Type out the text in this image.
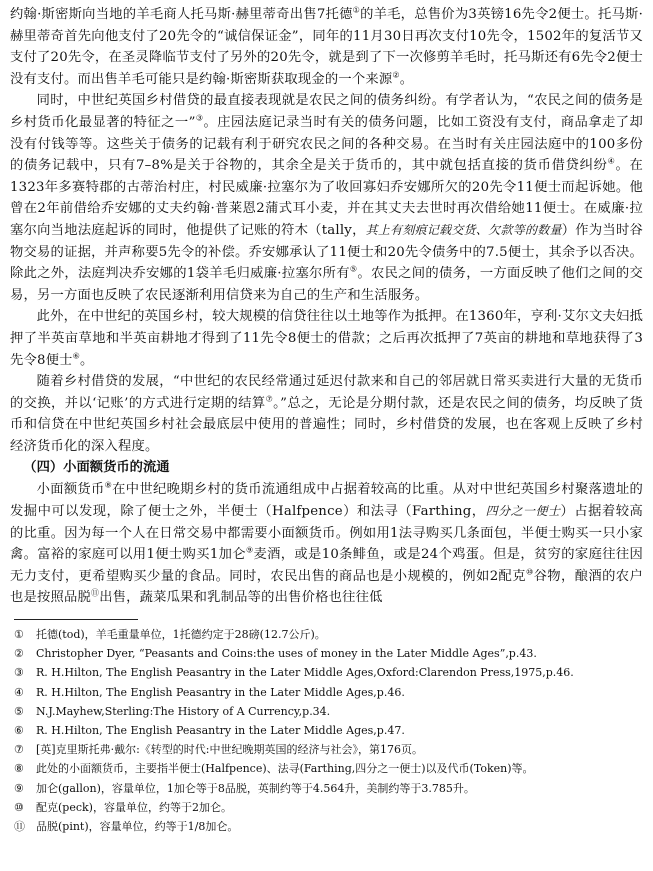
约翰·斯密斯向当地的羊毛商人托马斯·赫里蒂奇出售7托德①的羊毛，总售价为3英镑16先令2便士。托马斯·赫里蒂奇首先向他支付了20先令的“诚信保证金”，同年的11月30日再次支付10先令，1502年的复活节又支付了20先令，在圣灵降临节支付了另外的20先令，就是到了下一次修剪羊毛时，托马斯还有6先令2便士没有支付。而出售羊毛可能只是约翰·斯密斯获取现金的一个来源②。

同时，中世纪英国乡村借贷的最直接表现就是农民之间的债务纠纷。有学者认为，“农民之间的债务是乡村货币化最显著的特征之一”③。庄园法庭记录当时有关的债务问题，比如工资没有支付，商品拿走了却没有付钱等等。这些关于债务的记载有利于研究农民之间的各种交易。在当时有关庄园法庭中的100多份的债务记载中，只有7–8%是关于谷物的，其余全是关于货币的，其中就包括直接的货币借贷纠纷④。在1323年多赛特郡的古蒂治村庄，村民威廉·拉塞尔为了收回寡妇乔安娜所欠的20先令11便士而起诉她。他曾在2年前借给乔安娜的丈夫约翰·普莱恩2蒲式耳小麦，并在其丈夫去世时再次借给她11便士。在威廉·拉塞尔向当地法庭起诉的同时，他提供了记账的符木（tally，其上有刻痕记载交货、欠款等的数量）作为当时谷物交易的证据，并声称要5先令的补偿。乔安娜承认了11便士和20先令债务中的7.5便士，其余予以否决。除此之外，法庭判决乔安娜的1袋羊毛归威廉·拉塞尔所有⑤。农民之间的债务，一方面反映了他们之间的交易，另一方面也反映了农民逐渐利用信贷来为自己的生产和生活服务。

此外，在中世纪的英国乡村，较大规模的信贷往往以土地等作为抵押。在1360年，亨利·艾尔文夫妇抵押了半英亩草地和半英亩耕地才得到了11先令8便士的借款；之后再次抵押了7英亩的耕地和草地获得了3先令8便士⑥。

随着乡村借贷的发展，“中世纪的农民经常通过延迟付款来和自己的邻居就日常买卖进行大量的无货币的交换，并以‘记账’的方式进行定期的结算⑦。”总之，无论是分期付款，还是农民之间的债务，均反映了货币和信贷在中世纪英国乡村社会最底层中使用的普遍性；同时，乡村借贷的发展，也在客观上反映了乡村经济货币化的深入程度。

（四）小面额货币的流通

小面额货币⑧在中世纪晚期乡村的货币流通组成中占据着较高的比重。从对中世纪英国乡村聚落遗址的发掘中可以发现，除了便士之外，半便士（Halfpence）和法寻（Farthing，四分之一便士）占据着较高的比重。因为每一个人在日常交易中都需要小面额货币。例如用1法寻购买几条面包，半便士购买一只小家禽。富裕的家庭可以用1便士购买1加仑⑨麦酒，或是10条鲱鱼，或是24个鸡蛋。但是，贫穷的家庭往往因无力支付，更希望购买少量的食品。同时，农民出售的商品也是小规模的，例如2配克⑩谷物，酿酒的农户也是按照品脱⑪出售，蔬菜瓜果和乳制品等的出售价格也往往低

① 托德(tod)，羊毛重量单位，1托德约定于28磅(12.7公斤)。

② Christopher Dyer, “Peasants and Coins:the uses of money in the Later Middle Ages”,p.43.

③ R. H.Hilton, The English Peasantry in the Later Middle Ages,Oxford:Clarendon Press,1975,p.46.

④ R. H.Hilton, The English Peasantry in the Later Middle Ages,p.46.

⑤ N.J.Mayhew,Sterling:The History of A Currency,p.34.

⑥ R. H.Hilton, The English Peasantry in the Later Middle Ages,p.47.

⑦ [英]克里斯托弗·戴尔:《转型的时代:中世纪晚期英国的经济与社会》，第176页。

⑧ 此处的小面额货币，主要指半便士(Halfpence)、法寻(Farthing,四分之一便士)以及代币(Token)等。

⑨ 加仑(gallon)，容量单位，1加仑等于8品脱，英制约等于4.564升，美制约等于3.785升。

⑩ 配克(peck)，容量单位，约等于2加仑。

⑪ 品脱(pint)，容量单位，约等于1/8加仑。
